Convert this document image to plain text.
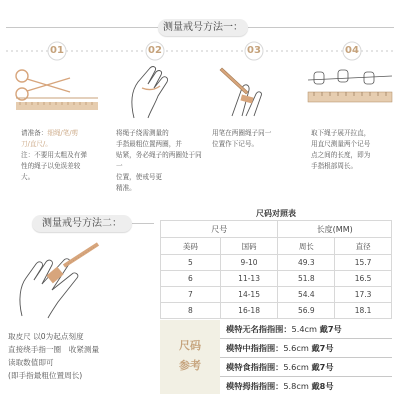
测量戒号方法一：
01	02	03	04
请准备：细绳/笔/剪
刀/直尺/。
注：不要用太粗及有弹
性的绳子以免误差较
大。
将绳子绕需测量的
手指最粗位置两圈，并
贴紧，务必绳子的两圈处于同一
位置，使戒号更
精准。
用笔在两圈绳子同一
位置作下记号。
取下绳子展开拉直，
用直尺测量两个记号
点之间的长度，即为
手指根部周长。
测量戒号方法二：
取皮尺 以0为起点刻度
直接绕手指一圈　收紧测量
读取数值即可
(即手指最粗位置周长)
尺码对照表
尺号		长度(MM)	
美码	国码	周长	直径
5	9-10	49.3	15.7
6	11-13	51.8	16.5
7	14-15	54.4	17.3
8	16-18	56.9	18.1
尺码
参考
模特无名指指围：5.4cm 戴7号
模特中指指围：5.6cm 戴7号
模特食指指围：5.6cm 戴7号
模特拇指指围：5.8cm 戴8号
